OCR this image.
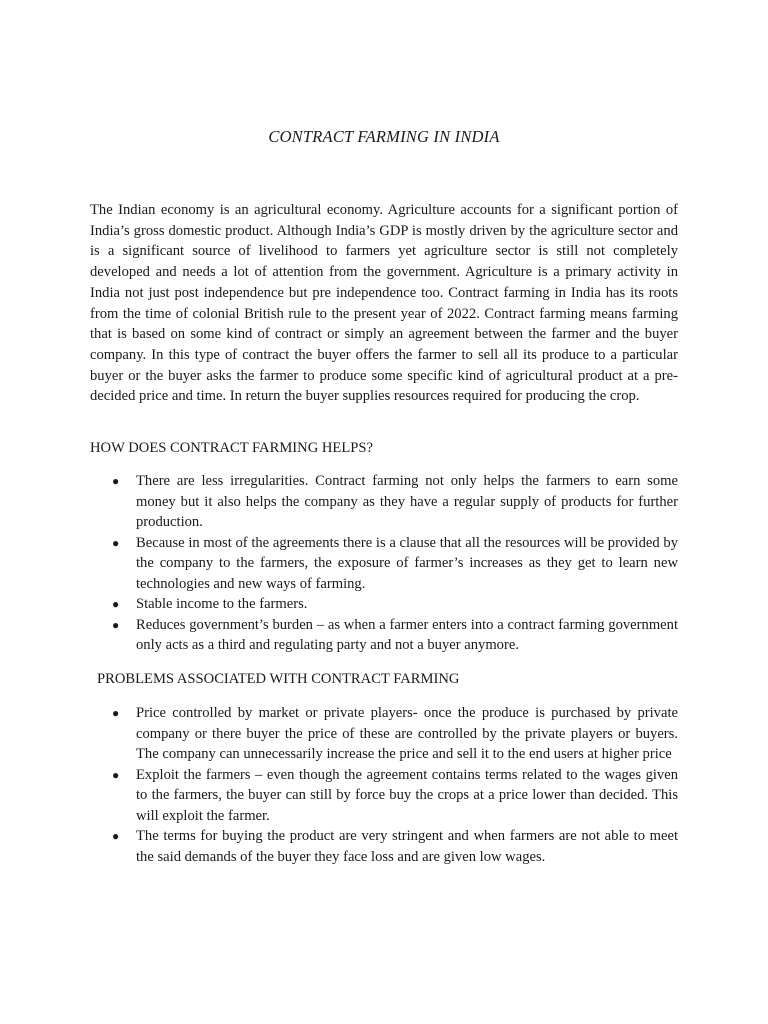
CONTRACT FARMING IN INDIA

The Indian economy is an agricultural economy. Agriculture accounts for a significant portion of India’s gross domestic product. Although India’s GDP is mostly driven by the agriculture sector and is a significant source of livelihood to farmers yet agriculture sector is still not completely developed and needs a lot of attention from the government. Agriculture is a primary activity in India not just post independence but pre independence too. Contract farming in India has its roots from the time of colonial British rule to the present year of 2022. Contract farming means farming that is based on some kind of contract or simply an agreement between the farmer and the buyer company. In this type of contract the buyer offers the farmer to sell all its produce to a particular buyer or the buyer asks the farmer to produce some specific kind of agricultural product at a pre-decided price and time. In return the buyer supplies resources required for producing the crop.

HOW DOES CONTRACT FARMING HELPS?

● There are less irregularities. Contract farming not only helps the farmers to earn some money but it also helps the company as they have a regular supply of products for further production.
● Because in most of the agreements there is a clause that all the resources will be provided by the company to the farmers, the exposure of farmer’s increases as they get to learn new technologies and new ways of farming.
● Stable income to the farmers.
● Reduces government’s burden – as when a farmer enters into a contract farming government only acts as a third and regulating party and not a buyer anymore.

PROBLEMS ASSOCIATED WITH CONTRACT FARMING

● Price controlled by market or private players- once the produce is purchased by private company or there buyer the price of these are controlled by the private players or buyers. The company can unnecessarily increase the price and sell it to the end users at higher price
● Exploit the farmers – even though the agreement contains terms related to the wages given to the farmers, the buyer can still by force buy the crops at a price lower than decided. This will exploit the farmer.
● The terms for buying the product are very stringent and when farmers are not able to meet the said demands of the buyer they face loss and are given low wages.
